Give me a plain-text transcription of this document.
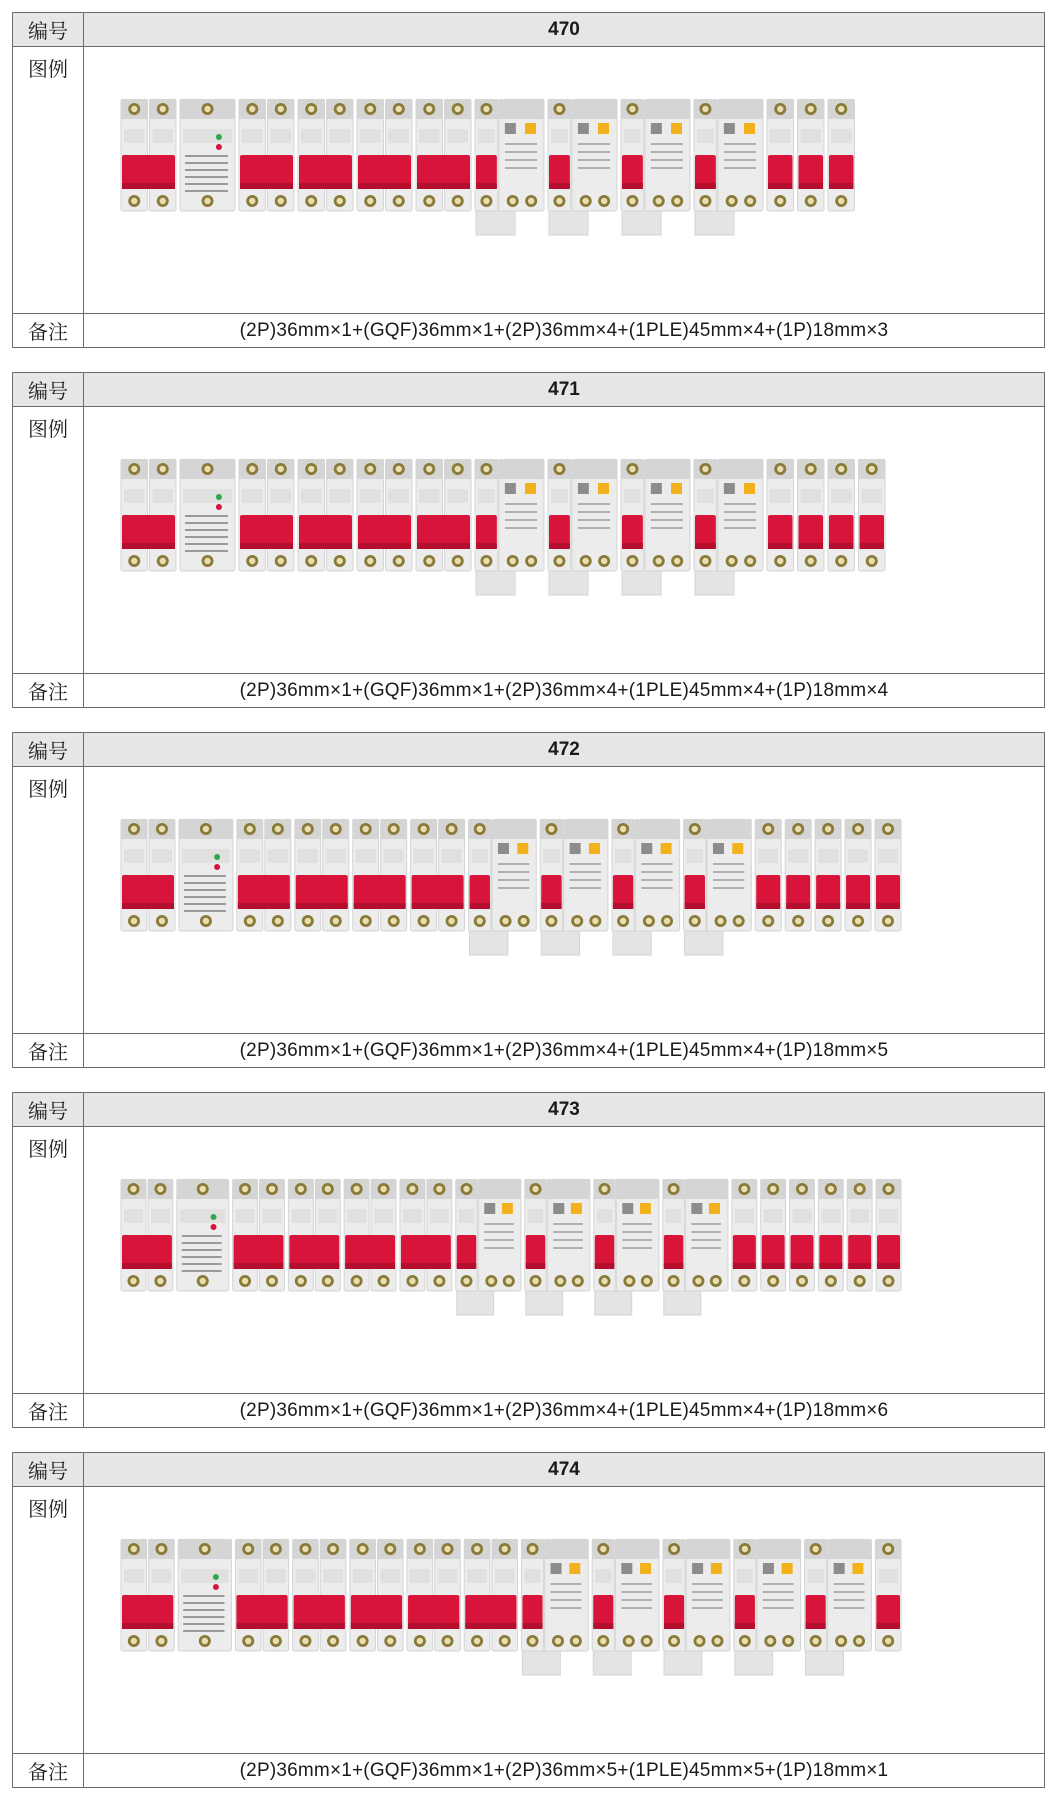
编号	470
图例	

备注	(2P)36mm×1+(GQF)36mm×1+(2P)36mm×4+(1PLE)45mm×4+(1P)18mm×3
编号	471
图例	

备注	(2P)36mm×1+(GQF)36mm×1+(2P)36mm×4+(1PLE)45mm×4+(1P)18mm×4
编号	472
图例	

备注	(2P)36mm×1+(GQF)36mm×1+(2P)36mm×4+(1PLE)45mm×4+(1P)18mm×5
编号	473
图例	

备注	(2P)36mm×1+(GQF)36mm×1+(2P)36mm×4+(1PLE)45mm×4+(1P)18mm×6
编号	474
图例	

备注	(2P)36mm×1+(GQF)36mm×1+(2P)36mm×5+(1PLE)45mm×5+(1P)18mm×1
